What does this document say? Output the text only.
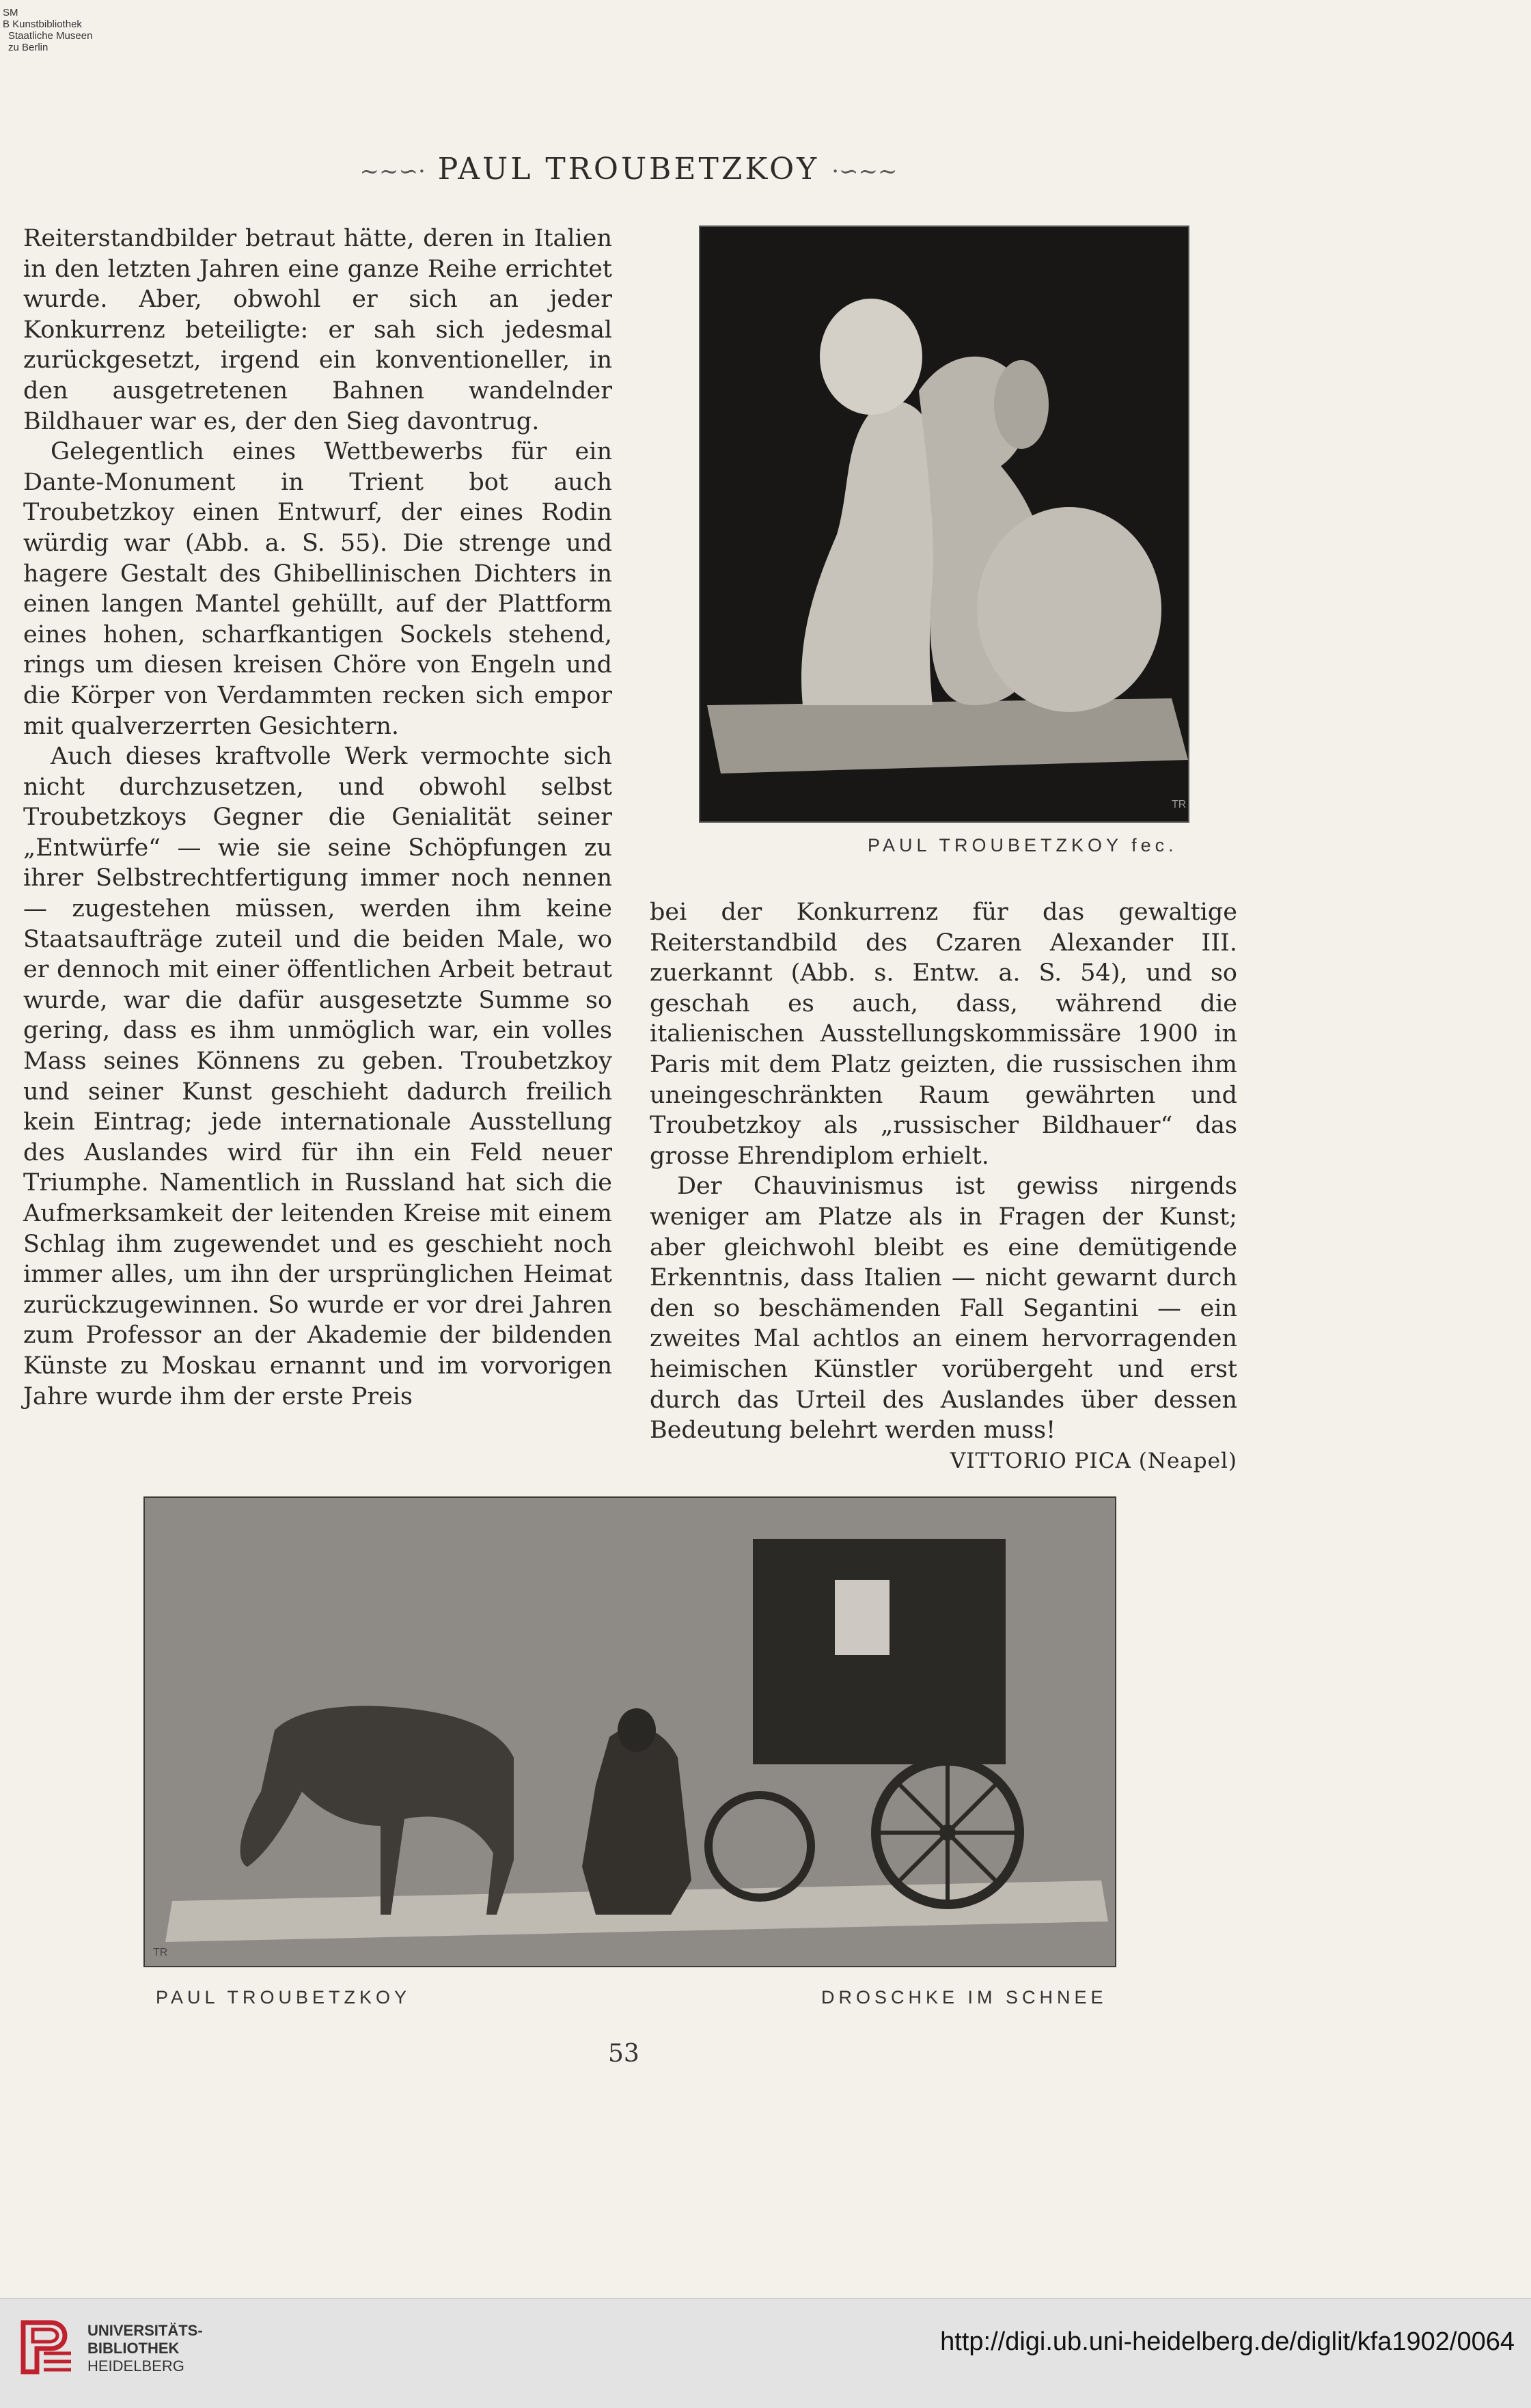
SM
B Kunstbibliothek
Staatliche Museen
zu Berlin
~~∽· PAUL TROUBETZKOY ·∽~~

Reiterstandbilder betraut hätte, deren in Italien in den letzten Jahren eine ganze Reihe errichtet wurde. Aber, obwohl er sich an jeder Konkurrenz beteiligte: er sah sich jedesmal zurückgesetzt, irgend ein konventioneller, in den ausgetretenen Bahnen wandelnder Bildhauer war es, der den Sieg davontrug.

Gelegentlich eines Wettbewerbs für ein Dante-Monument in Trient bot auch Troubetzkoy einen Entwurf, der eines Rodin würdig war (Abb. a. S. 55). Die strenge und hagere Gestalt des Ghibellinischen Dichters in einen langen Mantel gehüllt, auf der Plattform eines hohen, scharfkantigen Sockels stehend, rings um diesen kreisen Chöre von Engeln und die Körper von Verdammten recken sich empor mit qualverzerrten Gesichtern.

Auch dieses kraftvolle Werk vermochte sich nicht durchzusetzen, und obwohl selbst Troubetzkoys Gegner die Genialität seiner „Entwürfe“ — wie sie seine Schöpfungen zu ihrer Selbstrechtfertigung immer noch nennen — zugestehen müssen, werden ihm keine Staatsaufträge zuteil und die beiden Male, wo er dennoch mit einer öffentlichen Arbeit betraut wurde, war die dafür ausgesetzte Summe so gering, dass es ihm unmöglich war, ein volles Mass seines Könnens zu geben. Troubetzkoy und seiner Kunst geschieht dadurch freilich kein Eintrag; jede internationale Ausstellung des Auslandes wird für ihn ein Feld neuer Triumphe. Namentlich in Russland hat sich die Aufmerksamkeit der leitenden Kreise mit einem Schlag ihm zugewendet und es geschieht noch immer alles, um ihn der ursprünglichen Heimat zurückzugewinnen. So wurde er vor drei Jahren zum Professor an der Akademie der bildenden Künste zu Moskau ernannt und im vorvorigen Jahre wurde ihm der erste Preis

TR
PAUL TROUBETZKOY fec.

bei der Konkurrenz für das gewaltige Reiterstandbild des Czaren Alexander III. zuerkannt (Abb. s. Entw. a. S. 54), und so geschah es auch, dass, während die italienischen Ausstellungskommissäre 1900 in Paris mit dem Platz geizten, die russischen ihm uneingeschränkten Raum gewährten und Troubetzkoy als „russischer Bildhauer“ das grosse Ehrendiplom erhielt.

Der Chauvinismus ist gewiss nirgends weniger am Platze als in Fragen der Kunst; aber gleichwohl bleibt es eine demütigende Erkenntnis, dass Italien — nicht gewarnt durch den so beschämenden Fall Segantini — ein zweites Mal achtlos an einem hervorragenden heimischen Künstler vorübergeht und erst durch das Urteil des Auslandes über dessen Bedeutung belehrt werden muss!
VITTORIO PICA (Neapel)

TR
PAUL TROUBETZKOY	DROSCHKE IM SCHNEE
53
UNIVERSITÄTS-
BIBLIOTHEK
HEIDELBERG
http://digi.ub.uni-heidelberg.de/diglit/kfa1902/0064
